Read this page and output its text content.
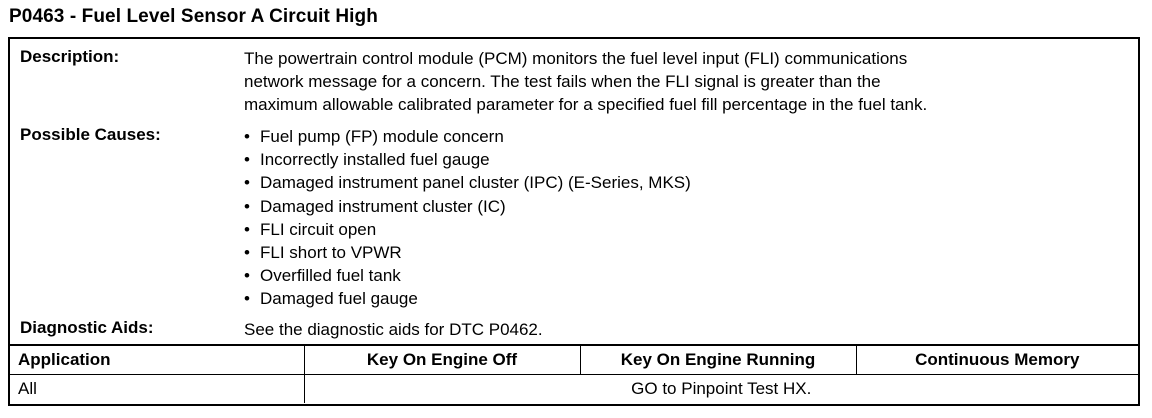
P0463 - Fuel Level Sensor A Circuit High
Description:	The powertrain control module (PCM) monitors the fuel level input (FLI) communications
network message for a concern. The test fails when the FLI signal is greater than the
maximum allowable calibrated parameter for a specified fuel fill percentage in the fuel tank.
Possible Causes:	• Fuel pump (FP) module concern
• Incorrectly installed fuel gauge
• Damaged instrument panel cluster (IPC) (E-Series, MKS)
• Damaged instrument cluster (IC)
• FLI circuit open
• FLI short to VPWR
• Overfilled fuel tank
• Damaged fuel gauge
Diagnostic Aids:	See the diagnostic aids for DTC P0462.
Application	Key On Engine Off	Key On Engine Running	Continuous Memory
All	GO to Pinpoint Test HX.		
